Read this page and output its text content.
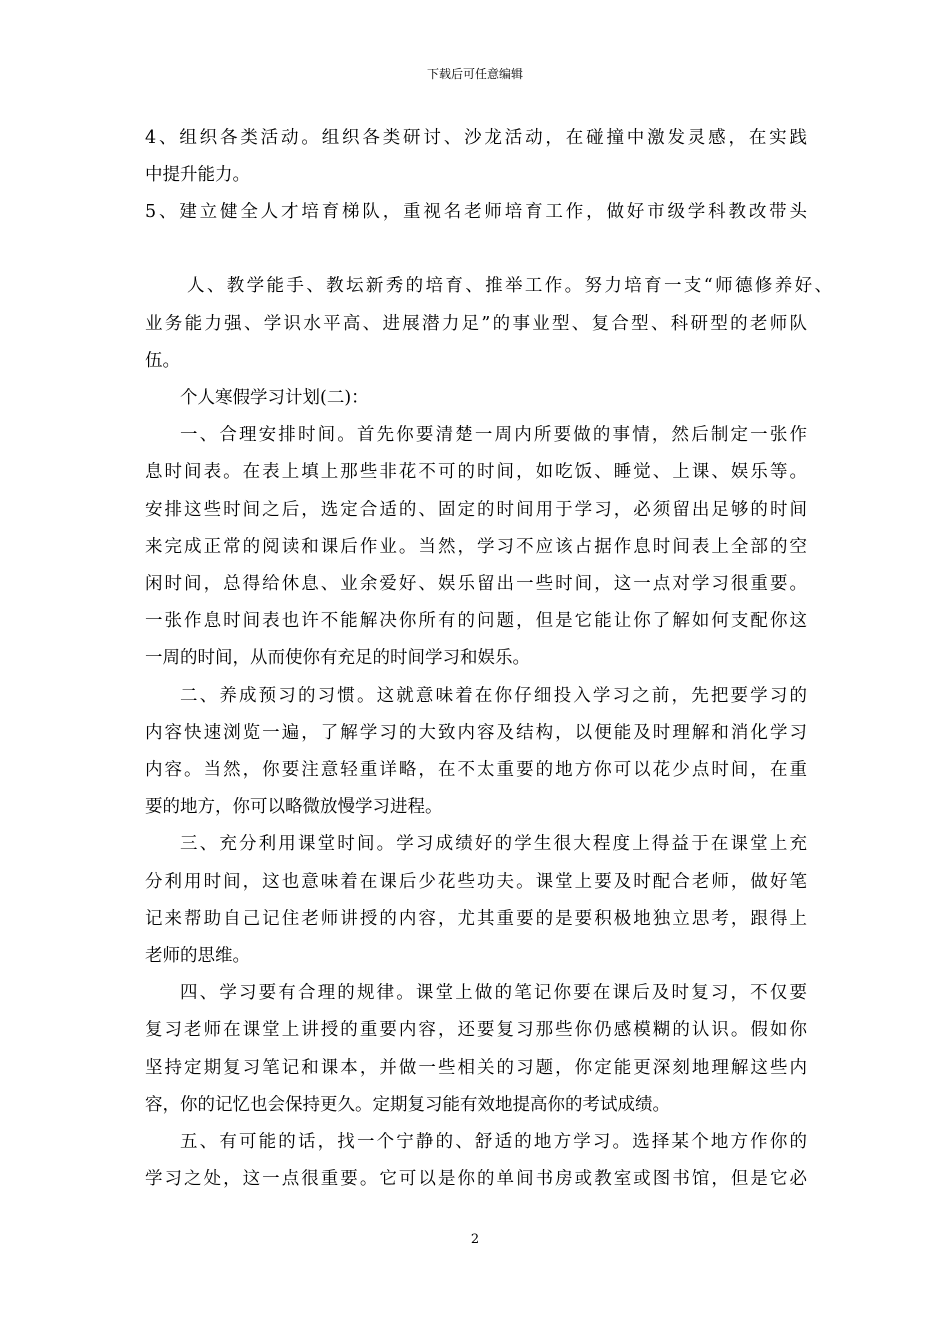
下载后可任意编辑
4、组织各类活动。组织各类研讨、沙龙活动，在碰撞中激发灵感，在实践
中提升能力。
5、建立健全人才培育梯队，重视名老师培育工作，做好市级学科教改带头
人、教学能手、教坛新秀的培育、推举工作。努力培育一支“师德修养好、
业务能力强、学识水平高、进展潜力足”的事业型、复合型、科研型的老师队
伍。
个人寒假学习计划(二)：
一、合理安排时间。首先你要清楚一周内所要做的事情，然后制定一张作
息时间表。在表上填上那些非花不可的时间，如吃饭、睡觉、上课、娱乐等。
安排这些时间之后，选定合适的、固定的时间用于学习，必须留出足够的时间
来完成正常的阅读和课后作业。当然，学习不应该占据作息时间表上全部的空
闲时间，总得给休息、业余爱好、娱乐留出一些时间，这一点对学习很重要。
一张作息时间表也许不能解决你所有的问题，但是它能让你了解如何支配你这
一周的时间，从而使你有充足的时间学习和娱乐。
二、养成预习的习惯。这就意味着在你仔细投入学习之前，先把要学习的
内容快速浏览一遍，了解学习的大致内容及结构，以便能及时理解和消化学习
内容。当然，你要注意轻重详略，在不太重要的地方你可以花少点时间，在重
要的地方，你可以略微放慢学习进程。
三、充分利用课堂时间。学习成绩好的学生很大程度上得益于在课堂上充
分利用时间，这也意味着在课后少花些功夫。课堂上要及时配合老师，做好笔
记来帮助自己记住老师讲授的内容，尤其重要的是要积极地独立思考，跟得上
老师的思维。
四、学习要有合理的规律。课堂上做的笔记你要在课后及时复习，不仅要
复习老师在课堂上讲授的重要内容，还要复习那些你仍感模糊的认识。假如你
坚持定期复习笔记和课本，并做一些相关的习题，你定能更深刻地理解这些内
容，你的记忆也会保持更久。定期复习能有效地提高你的考试成绩。
五、有可能的话，找一个宁静的、舒适的地方学习。选择某个地方作你的
学习之处，这一点很重要。它可以是你的单间书房或教室或图书馆，但是它必
2
